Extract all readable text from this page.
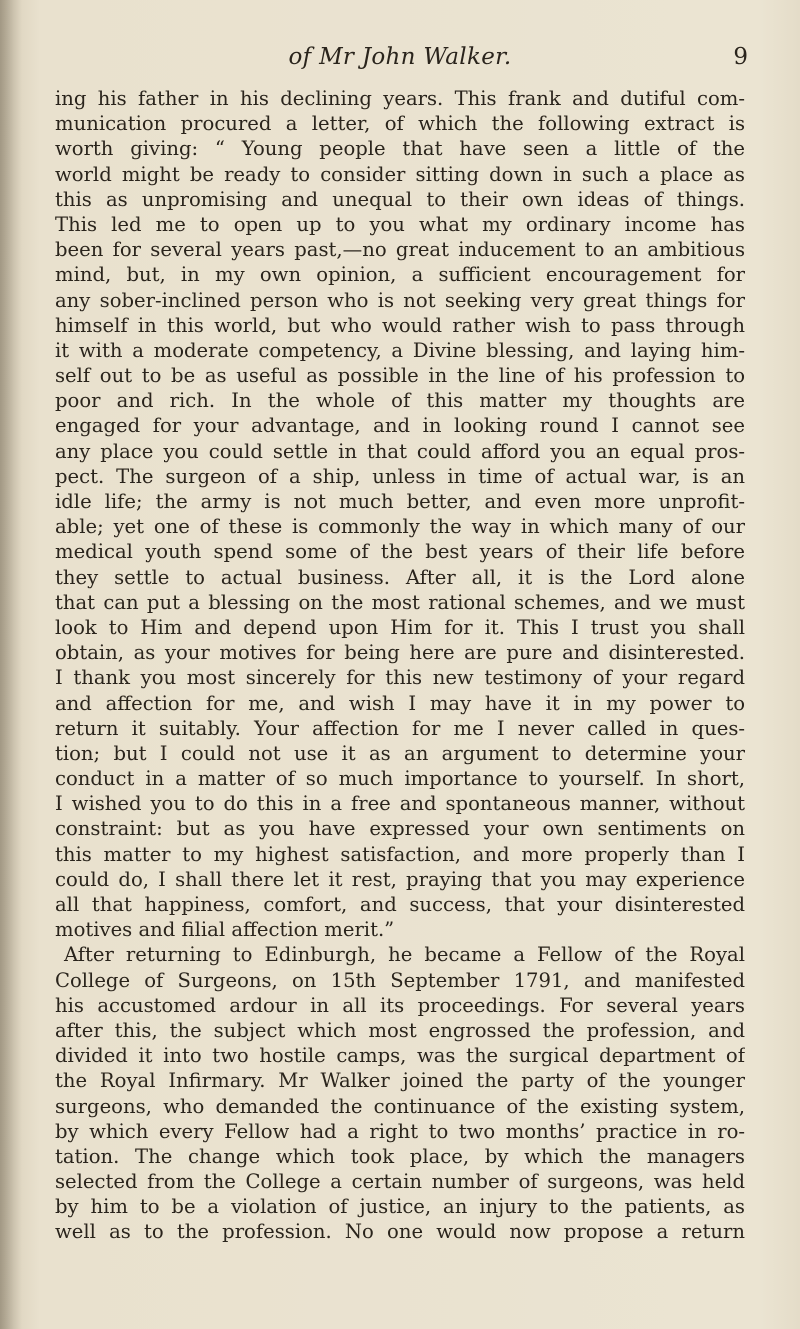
of Mr John Walker.	9
ing his father in his declining years. This frank and dutiful com-
munication procured a letter, of which the following extract is
worth giving: “ Young people that have seen a little of the
world might be ready to consider sitting down in such a place as
this as unpromising and unequal to their own ideas of things.
This led me to open up to you what my ordinary income has
been for several years past,—no great inducement to an ambitious
mind, but, in my own opinion, a sufficient encouragement for
any sober-inclined person who is not seeking very great things for
himself in this world, but who would rather wish to pass through
it with a moderate competency, a Divine blessing, and laying him-
self out to be as useful as possible in the line of his profession to
poor and rich. In the whole of this matter my thoughts are
engaged for your advantage, and in looking round I cannot see
any place you could settle in that could afford you an equal pros-
pect. The surgeon of a ship, unless in time of actual war, is an
idle life; the army is not much better, and even more unprofit-
able; yet one of these is commonly the way in which many of our
medical youth spend some of the best years of their life before
they settle to actual business. After all, it is the Lord alone
that can put a blessing on the most rational schemes, and we must
look to Him and depend upon Him for it. This I trust you shall
obtain, as your motives for being here are pure and disinterested.
I thank you most sincerely for this new testimony of your regard
and affection for me, and wish I may have it in my power to
return it suitably. Your affection for me I never called in ques-
tion; but I could not use it as an argument to determine your
conduct in a matter of so much importance to yourself. In short,
I wished you to do this in a free and spontaneous manner, without
constraint: but as you have expressed your own sentiments on
this matter to my highest satisfaction, and more properly than I
could do, I shall there let it rest, praying that you may experience
all that happiness, comfort, and success, that your disinterested
motives and filial affection merit.”
After returning to Edinburgh, he became a Fellow of the Royal
College of Surgeons, on 15th September 1791, and manifested
his accustomed ardour in all its proceedings. For several years
after this, the subject which most engrossed the profession, and
divided it into two hostile camps, was the surgical department of
the Royal Infirmary. Mr Walker joined the party of the younger
surgeons, who demanded the continuance of the existing system,
by which every Fellow had a right to two months’ practice in ro-
tation. The change which took place, by which the managers
selected from the College a certain number of surgeons, was held
by him to be a violation of justice, an injury to the patients, as
well as to the profession. No one would now propose a return
